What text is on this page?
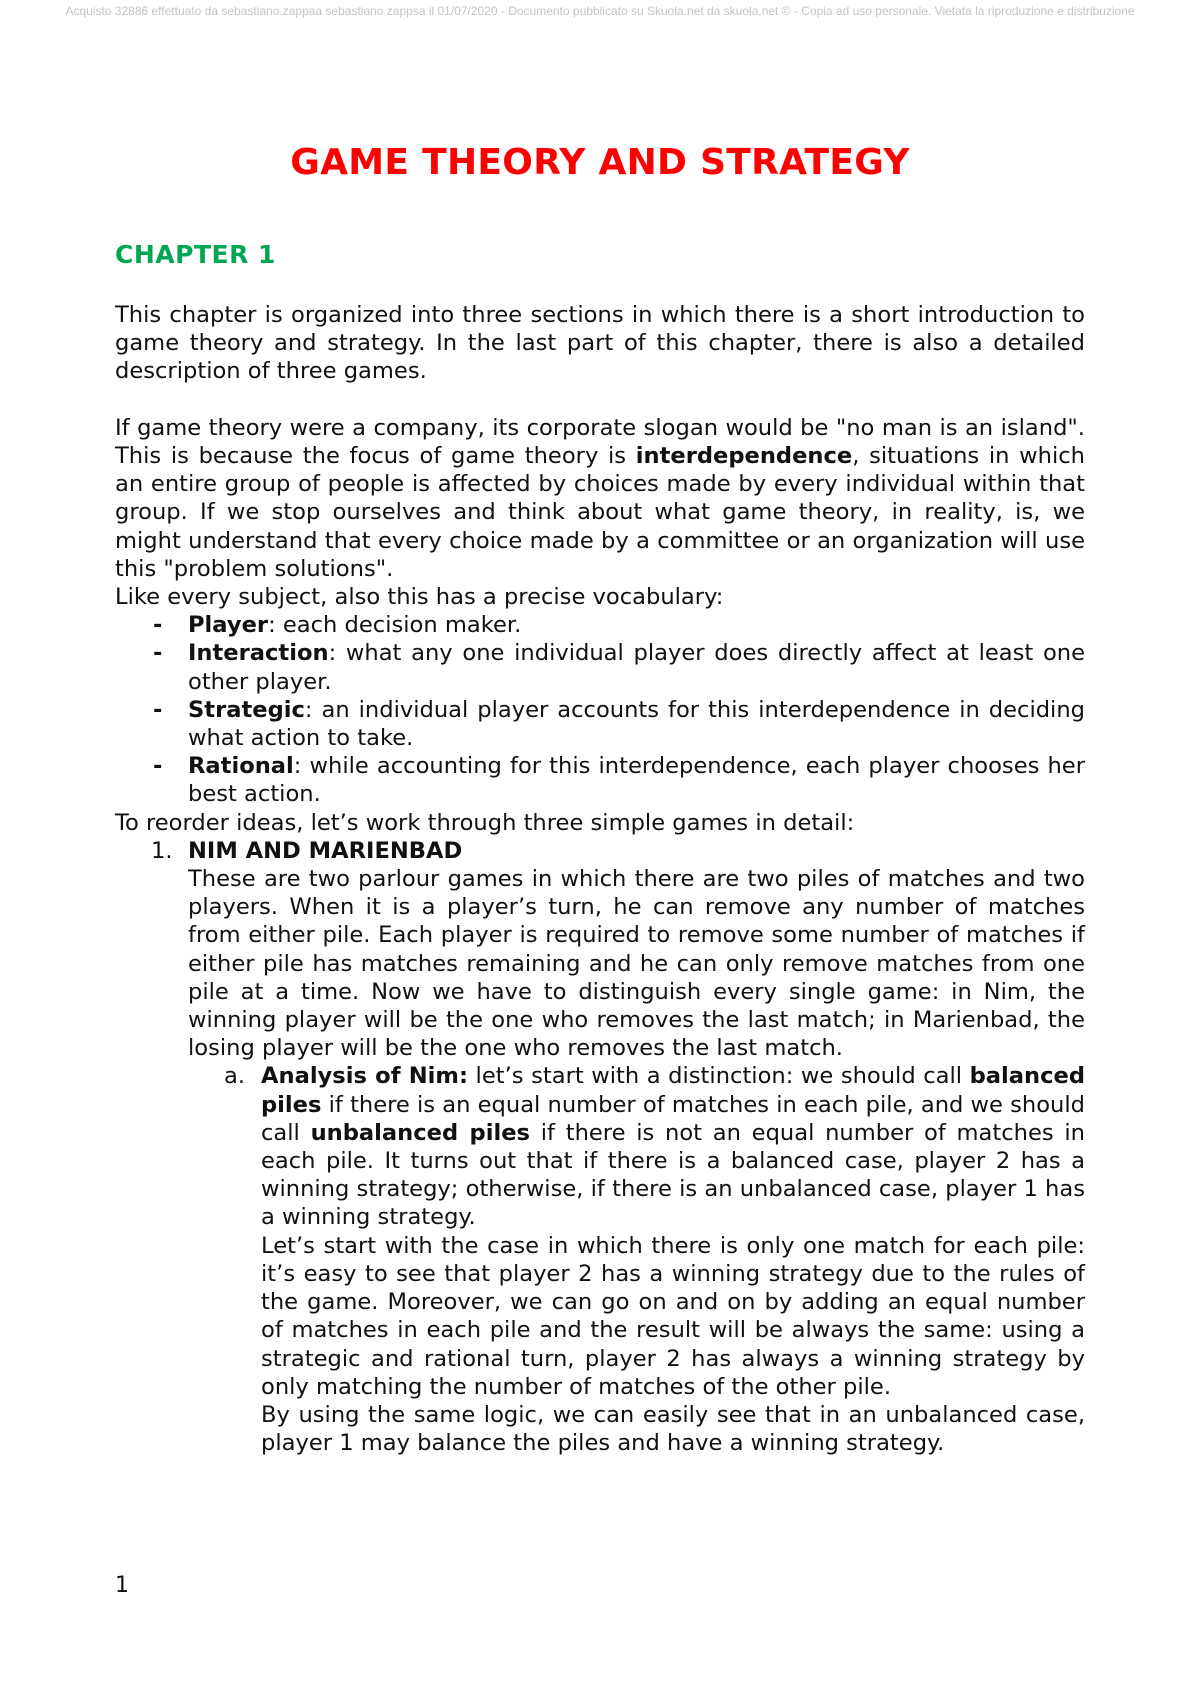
Acquisto 32886 effettuato da sebastiano.zappaa sebastiano zappsa il 01/07/2020 - Documento pubblicato su Skuola.net da skuola.net © - Copia ad uso personale. Vietata la riproduzione e distribuzione
GAME THEORY AND STRATEGY
CHAPTER 1

This chapter is organized into three sections in which there is a short introduction to game theory and strategy. In the last part of this chapter, there is also a detailed description of three games.

If game theory were a company, its corporate slogan would be "no man is an island". This is because the focus of game theory is interdependence, situations in which an entire group of people is affected by choices made by every individual within that group. If we stop ourselves and think about what game theory, in reality, is, we might understand that every choice made by a committee or an organization will use this "problem solutions".

Like every subject, also this has a precise vocabulary:

- Player: each decision maker.
- Interaction: what any one individual player does directly affect at least one other player.
- Strategic: an individual player accounts for this interdependence in deciding what action to take.
- Rational: while accounting for this interdependence, each player chooses her best action.

To reorder ideas, let’s work through three simple games in detail:

1. NIM AND MARIENBAD

These are two parlour games in which there are two piles of matches and two players. When it is a player’s turn, he can remove any number of matches from either pile. Each player is required to remove some number of matches if either pile has matches remaining and he can only remove matches from one pile at a time. Now we have to distinguish every single game: in Nim, the winning player will be the one who removes the last match; in Marienbad, the losing player will be the one who removes the last match.

a. Analysis of Nim: let’s start with a distinction: we should call balanced piles if there is an equal number of matches in each pile, and we should call unbalanced piles if there is not an equal number of matches in each pile. It turns out that if there is a balanced case, player 2 has a winning strategy; otherwise, if there is an unbalanced case, player 1 has a winning strategy.

Let’s start with the case in which there is only one match for each pile: it’s easy to see that player 2 has a winning strategy due to the rules of the game. Moreover, we can go on and on by adding an equal number of matches in each pile and the result will be always the same: using a strategic and rational turn, player 2 has always a winning strategy by only matching the number of matches of the other pile.

By using the same logic, we can easily see that in an unbalanced case, player 1 may balance the piles and have a winning strategy.

1
